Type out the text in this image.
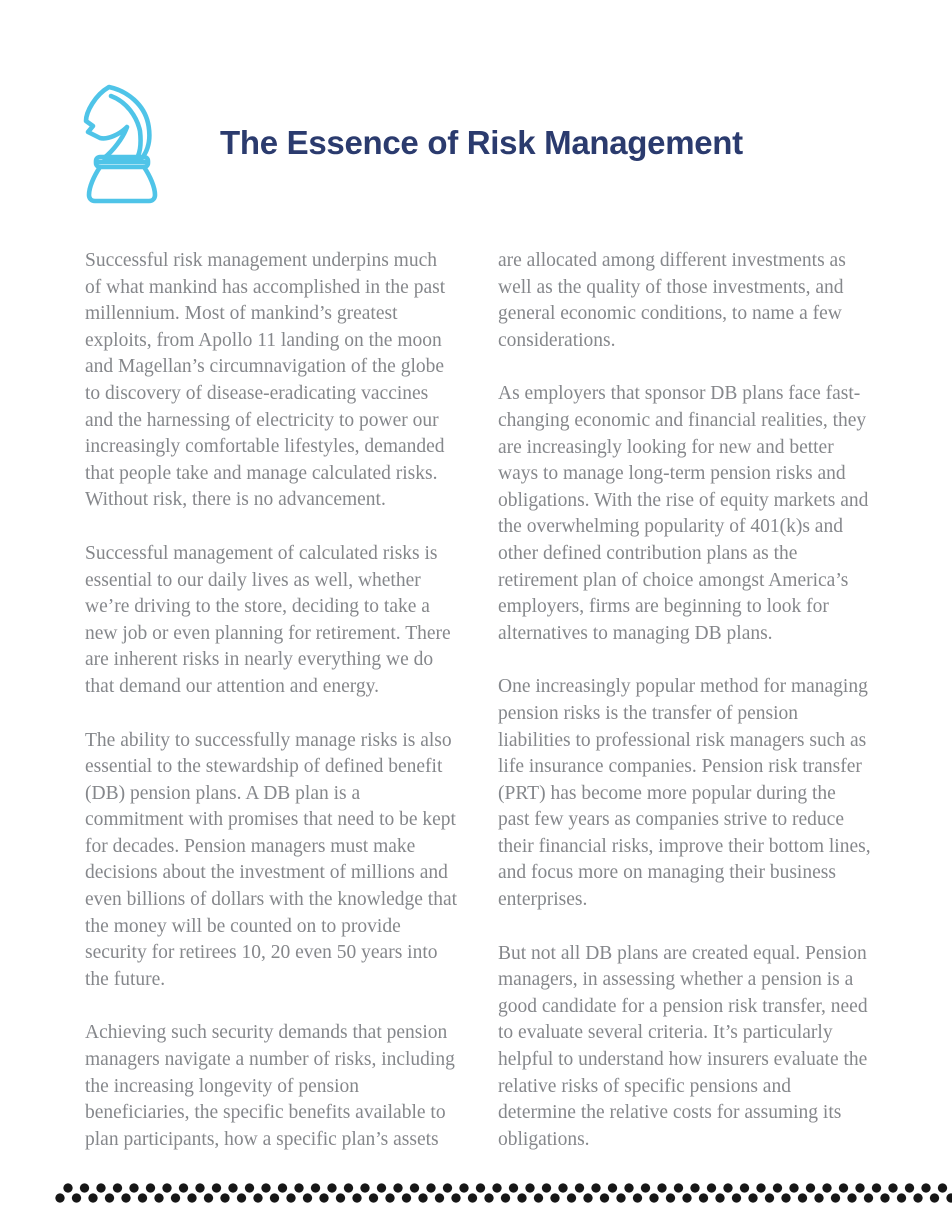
The Essence of Risk Management

Successful risk management underpins much of what mankind has accomplished in the past millennium. Most of mankind’s greatest exploits, from Apollo 11 landing on the moon and Magellan’s circumnavigation of the globe to discovery of disease-eradicating vaccines and the harnessing of electricity to power our increasingly comfortable lifestyles, demanded that people take and manage calculated risks. Without risk, there is no advancement.

Successful management of calculated risks is essential to our daily lives as well, whether we’re driving to the store, deciding to take a new job or even planning for retirement. There are inherent risks in nearly everything we do that demand our attention and energy.

The ability to successfully manage risks is also essential to the stewardship of defined benefit (DB) pension plans. A DB plan is a commitment with promises that need to be kept for decades. Pension managers must make decisions about the investment of millions and even billions of dollars with the knowledge that the money will be counted on to provide security for retirees 10, 20 even 50 years into the future.

Achieving such security demands that pension managers navigate a number of risks, including the increasing longevity of pension beneficiaries, the specific benefits available to plan participants, how a specific plan’s assets

are allocated among different investments as well as the quality of those investments, and general economic conditions, to name a few considerations.

As employers that sponsor DB plans face fast-changing economic and financial realities, they are increasingly looking for new and better ways to manage long-term pension risks and obligations. With the rise of equity markets and the overwhelming popularity of 401(k)s and other defined contribution plans as the retirement plan of choice amongst America’s employers, firms are beginning to look for alternatives to managing DB plans.

One increasingly popular method for managing pension risks is the transfer of pension liabilities to professional risk managers such as life insurance companies. Pension risk transfer (PRT) has become more popular during the past few years as companies strive to reduce their financial risks, improve their bottom lines, and focus more on managing their business enterprises.

But not all DB plans are created equal. Pension managers, in assessing whether a pension is a good candidate for a pension risk transfer, need to evaluate several criteria. It’s particularly helpful to understand how insurers evaluate the relative risks of specific pensions and determine the relative costs for assuming its obligations.
